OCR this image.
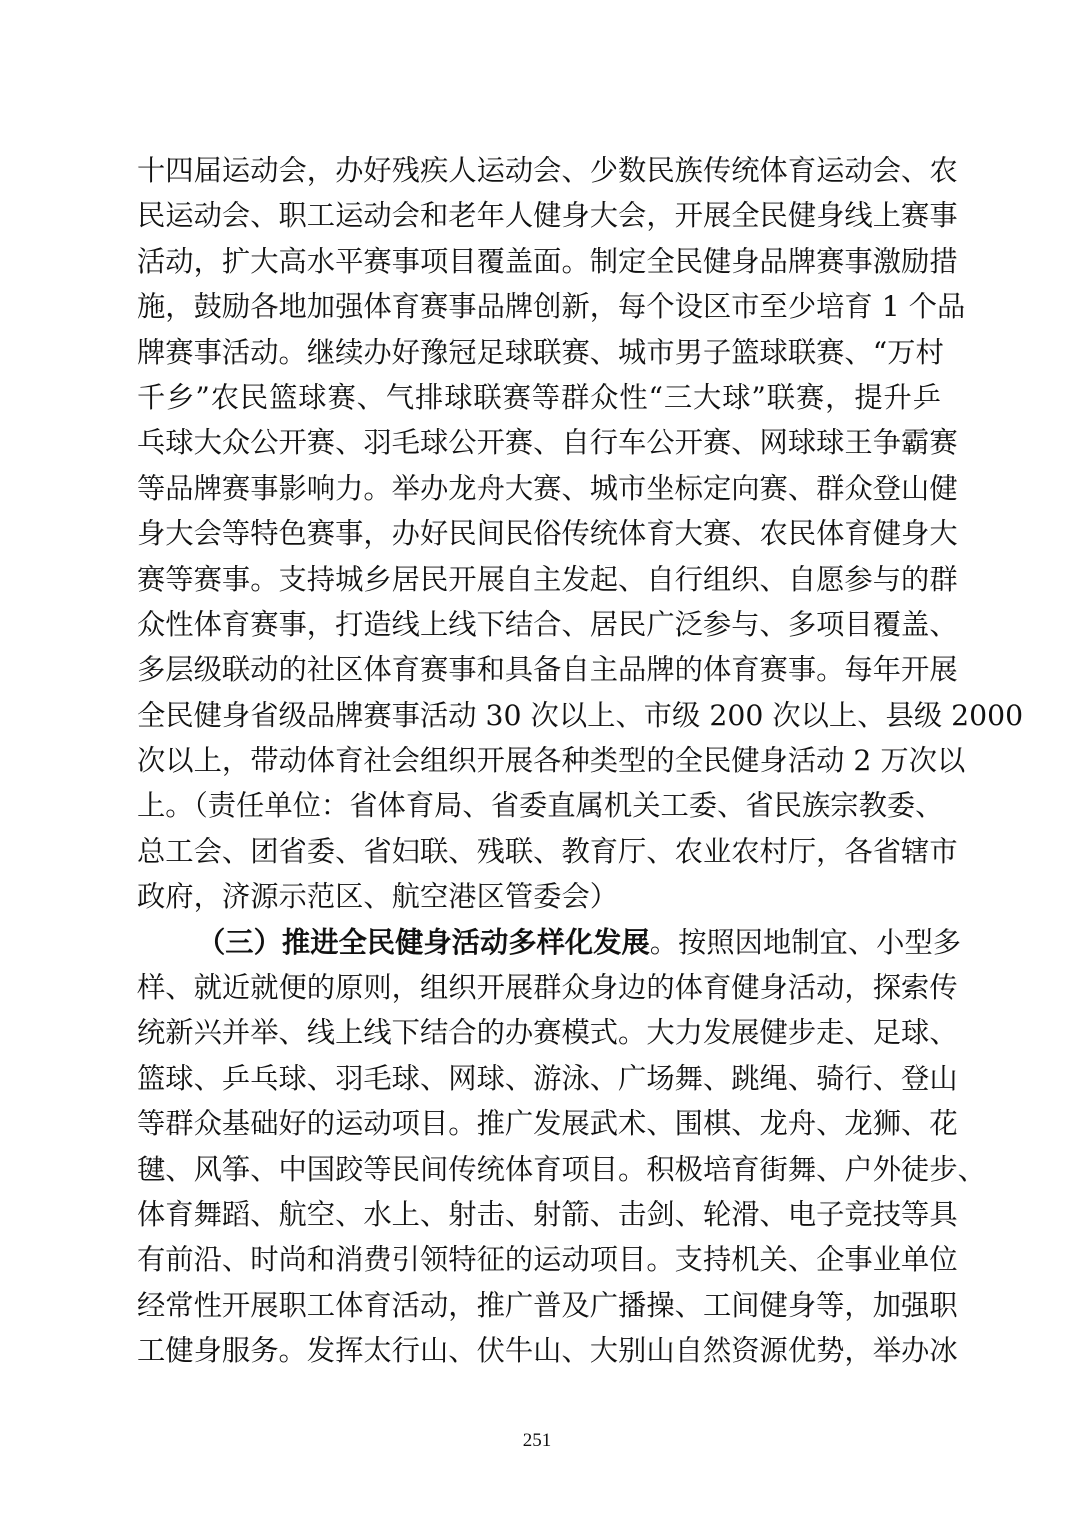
十四届运动会，办好残疾人运动会、少数民族传统体育运动会、农
民运动会、职工运动会和老年人健身大会，开展全民健身线上赛事
活动，扩大高水平赛事项目覆盖面。制定全民健身品牌赛事激励措
施，鼓励各地加强体育赛事品牌创新，每个设区市至少培育 1 个品
牌赛事活动。继续办好豫冠足球联赛、城市男子篮球联赛、“万村
千乡”农民篮球赛、气排球联赛等群众性“三大球”联赛，提升乒
乓球大众公开赛、羽毛球公开赛、自行车公开赛、网球球王争霸赛
等品牌赛事影响力。举办龙舟大赛、城市坐标定向赛、群众登山健
身大会等特色赛事，办好民间民俗传统体育大赛、农民体育健身大
赛等赛事。支持城乡居民开展自主发起、自行组织、自愿参与的群
众性体育赛事，打造线上线下结合、居民广泛参与、多项目覆盖、
多层级联动的社区体育赛事和具备自主品牌的体育赛事。每年开展
全民健身省级品牌赛事活动 30 次以上、市级 200 次以上、县级 2000
次以上，带动体育社会组织开展各种类型的全民健身活动 2 万次以
上。（责任单位：省体育局、省委直属机关工委、省民族宗教委、
总工会、团省委、省妇联、残联、教育厅、农业农村厅，各省辖市
政府，济源示范区、航空港区管委会）
（三）推进全民健身活动多样化发展。按照因地制宜、小型多
样、就近就便的原则，组织开展群众身边的体育健身活动，探索传
统新兴并举、线上线下结合的办赛模式。大力发展健步走、足球、
篮球、乒乓球、羽毛球、网球、游泳、广场舞、跳绳、骑行、登山
等群众基础好的运动项目。推广发展武术、围棋、龙舟、龙狮、花
毽、风筝、中国跤等民间传统体育项目。积极培育街舞、户外徒步、
体育舞蹈、航空、水上、射击、射箭、击剑、轮滑、电子竞技等具
有前沿、时尚和消费引领特征的运动项目。支持机关、企事业单位
经常性开展职工体育活动，推广普及广播操、工间健身等，加强职
工健身服务。发挥太行山、伏牛山、大别山自然资源优势，举办冰
251
